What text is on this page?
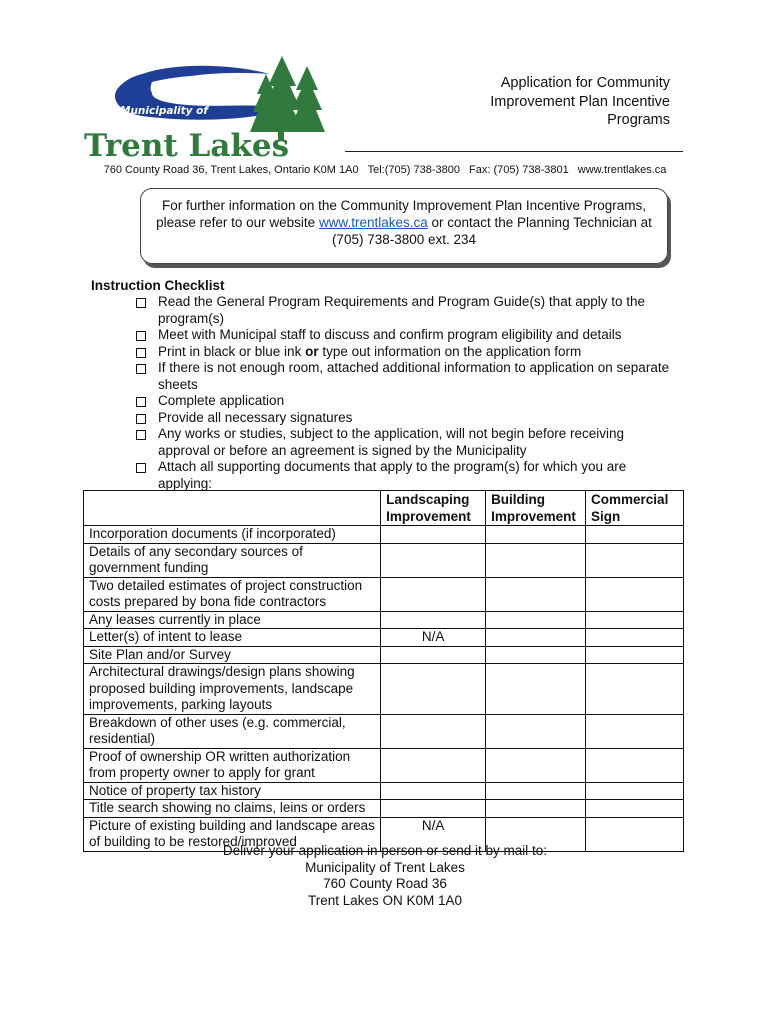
Municipality of
Trent Lakes
Application for Community
Improvement Plan Incentive
Programs
760 County Road 36, Trent Lakes, Ontario K0M 1A0 Tel:(705) 738-3800 Fax: (705) 738-3801 www.trentlakes.ca
For further information on the Community Improvement Plan Incentive Programs, please refer to our website www.trentlakes.ca or contact the Planning Technician at (705) 738-3800 ext. 234
Instruction Checklist
Read the General Program Requirements and Program Guide(s) that apply to the program(s)
Meet with Municipal staff to discuss and confirm program eligibility and details
Print in black or blue ink or type out information on the application form
If there is not enough room, attached additional information to application on separate sheets
Complete application
Provide all necessary signatures
Any works or studies, subject to the application, will not begin before receiving approval or before an agreement is signed by the Municipality
Attach all supporting documents that apply to the program(s) for which you are applying:
	Landscaping Improvement	Building Improvement	Commercial Sign
Incorporation documents (if incorporated)			
Details of any secondary sources of government funding			
Two detailed estimates of project construction costs prepared by bona fide contractors			
Any leases currently in place			
Letter(s) of intent to lease	N/A		
Site Plan and/or Survey			
Architectural drawings/design plans showing proposed building improvements, landscape improvements, parking layouts			
Breakdown of other uses (e.g. commercial, residential)			
Proof of ownership OR written authorization from property owner to apply for grant			
Notice of property tax history			
Title search showing no claims, leins or orders			
Picture of existing building and landscape areas of building to be restored/improved	N/A		
Deliver your application in person or send it by mail to:
Municipality of Trent Lakes
760 County Road 36
Trent Lakes ON K0M 1A0
